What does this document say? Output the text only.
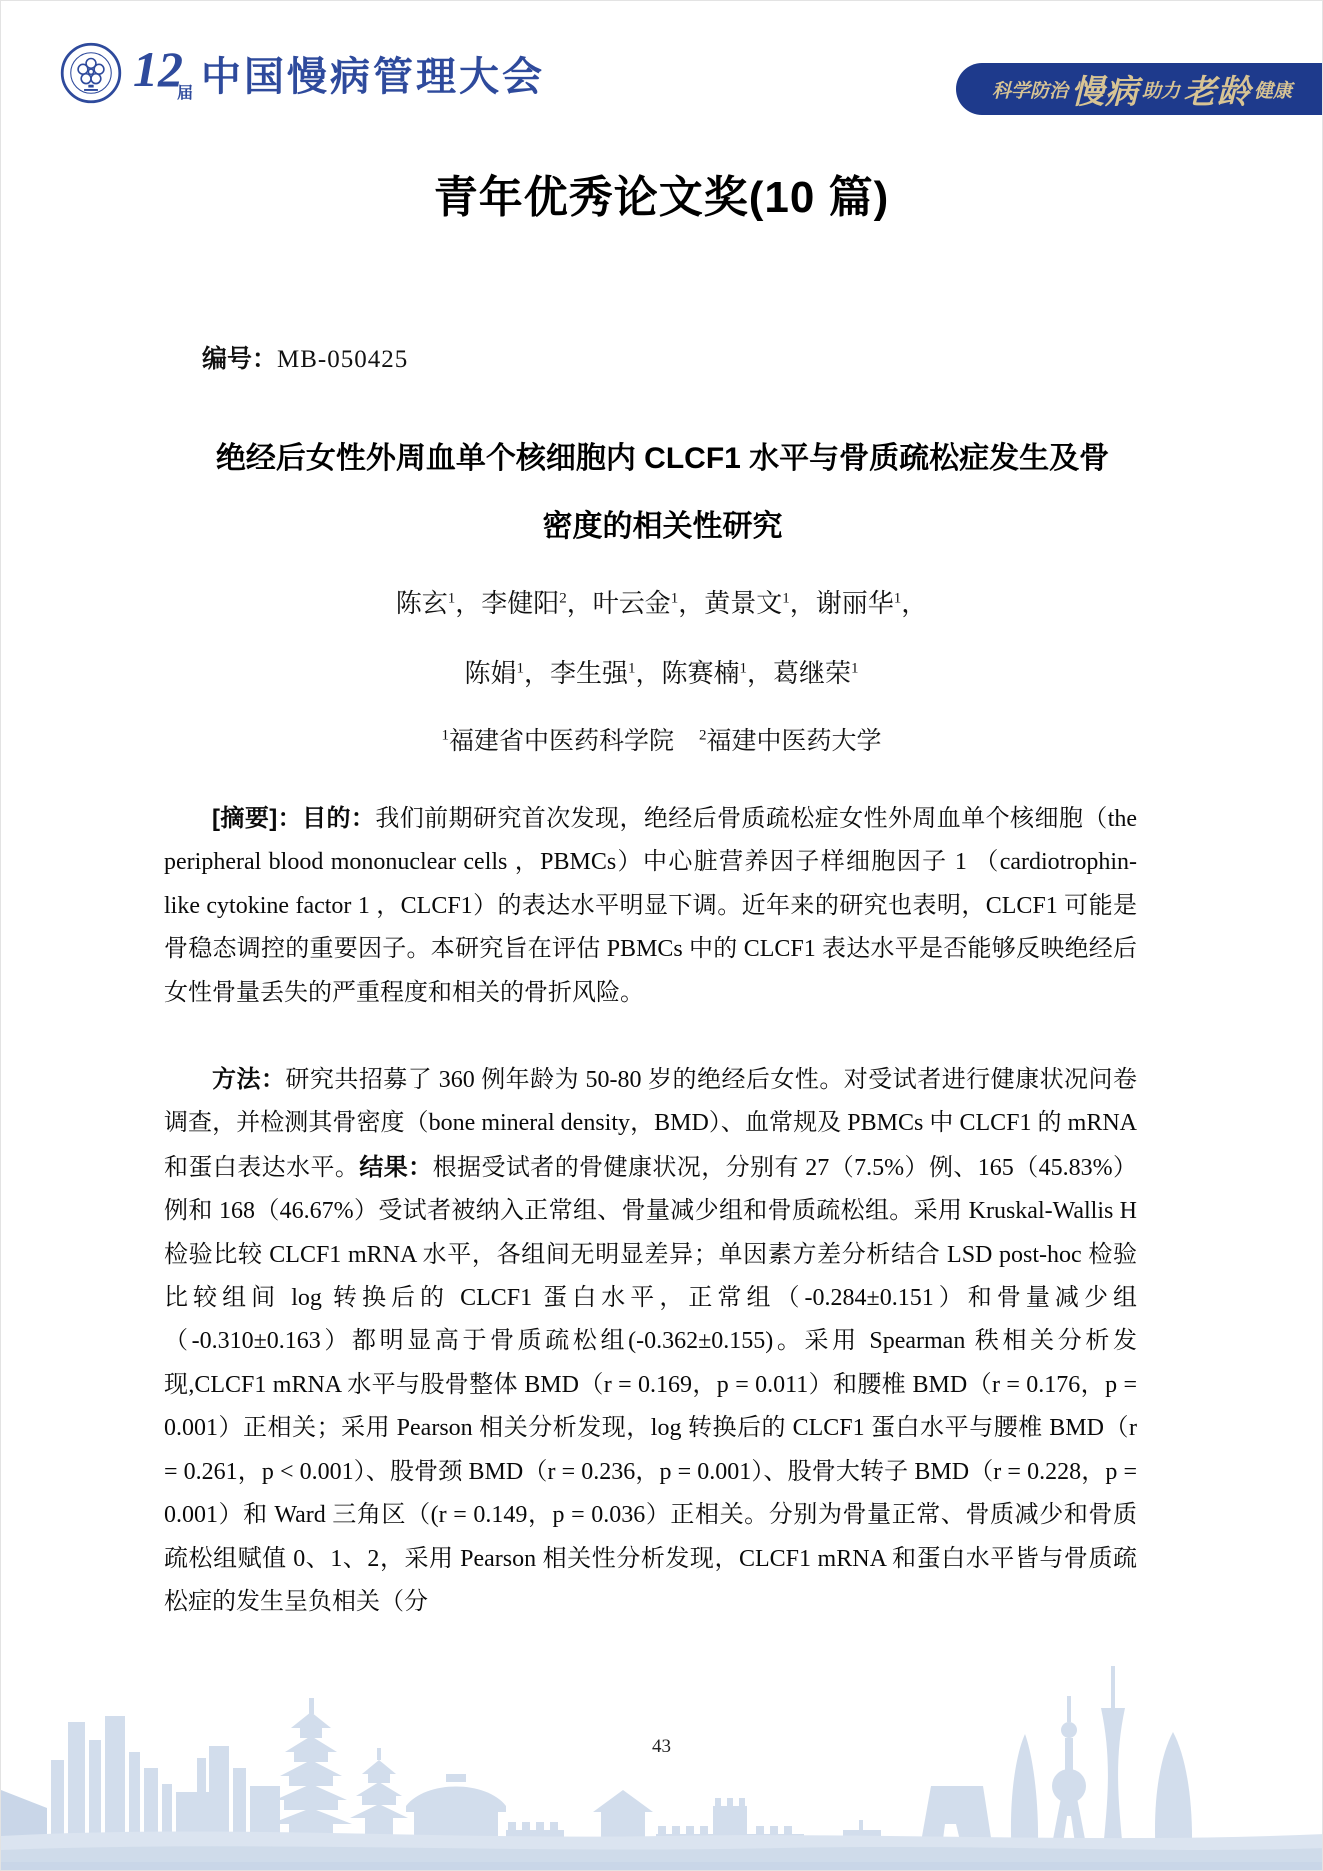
12
届 中国慢病管理大会	科学防治 慢病 助力 老龄 健康
青年优秀论文奖(10 篇)
编号：MB-050425
绝经后女性外周血单个核细胞内 CLCF1 水平与骨质疏松症发生及骨
密度的相关性研究
陈玄$^1$，李健阳$^2$，叶云金$^1$，黄景文$^1$，谢丽华$^1$，
陈娟$^1$，李生强$^1$，陈赛楠$^1$，葛继荣$^1$
$^1$福建省中医药科学院　$^2$福建中医药大学

[摘要]：目的：我们前期研究首次发现，绝经后骨质疏松症女性外周血单个核细胞（the peripheral blood mononuclear cells ，PBMCs）中心脏营养因子样细胞因子 1 （cardiotrophin-like cytokine factor 1 ，CLCF1）的表达水平明显下调。近年来的研究也表明，CLCF1 可能是骨稳态调控的重要因子。本研究旨在评估 PBMCs 中的 CLCF1 表达水平是否能够反映绝经后女性骨量丢失的严重程度和相关的骨折风险。

方法：研究共招募了 360 例年龄为 50-80 岁的绝经后女性。对受试者进行健康状况问卷调查，并检测其骨密度（bone mineral density，BMD）、血常规及 PBMCs 中 CLCF1 的 mRNA 和蛋白表达水平。结果：根据受试者的骨健康状况，分别有 27（7.5%）例、165（45.83%）例和 168（46.67%）受试者被纳入正常组、骨量减少组和骨质疏松组。采用 Kruskal-Wallis H 检验比较 CLCF1 mRNA 水平，各组间无明显差异；单因素方差分析结合 LSD post-hoc 检验比较组间 log 转换后的 CLCF1 蛋白水平，正常组（-0.284±0.151）和骨量减少组（-0.310±0.163）都明显高于骨质疏松组(-0.362±0.155)。采用 Spearman 秩相关分析发现,CLCF1 mRNA 水平与股骨整体 BMD（r = 0.169，p = 0.011）和腰椎 BMD（r = 0.176，p = 0.001）正相关；采用 Pearson 相关分析发现，log 转换后的 CLCF1 蛋白水平与腰椎 BMD（r = 0.261，p < 0.001）、股骨颈 BMD（r = 0.236，p = 0.001）、股骨大转子 BMD（r = 0.228，p = 0.001）和 Ward 三角区（(r = 0.149，p = 0.036）正相关。分别为骨量正常、骨质减少和骨质疏松组赋值 0、1、2，采用 Pearson 相关性分析发现，CLCF1 mRNA 和蛋白水平皆与骨质疏松症的发生呈负相关（分

43
